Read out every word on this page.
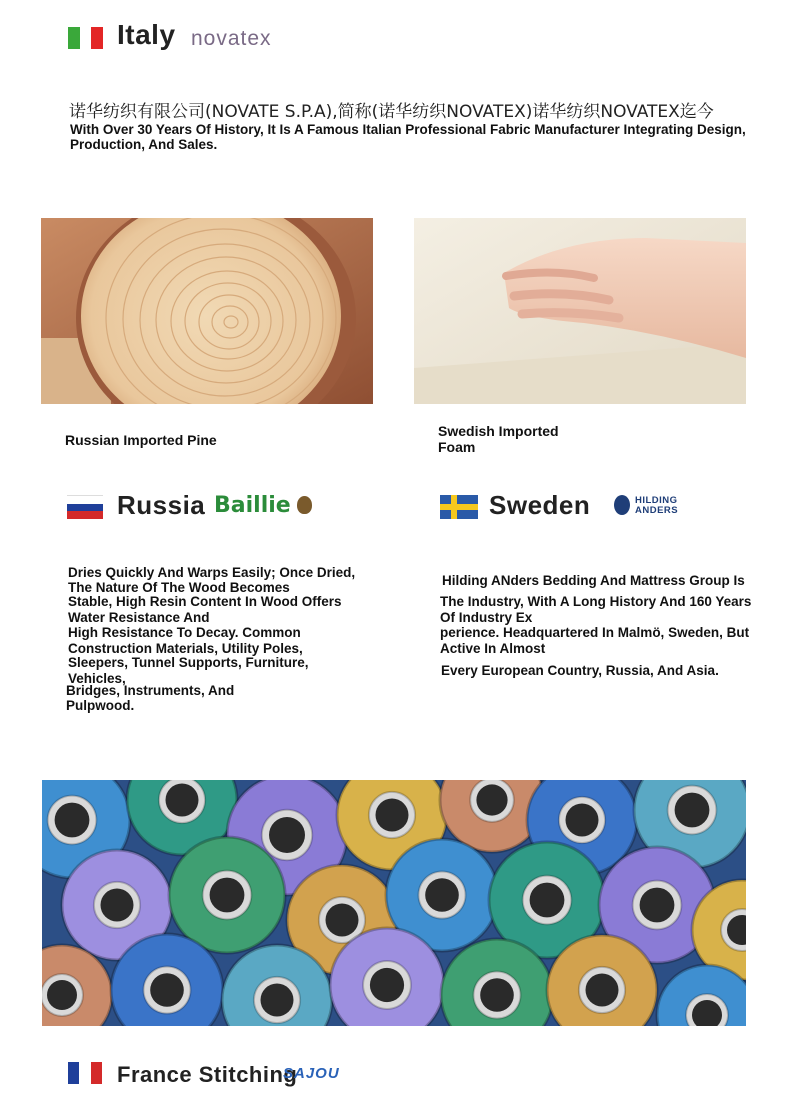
Italy novatex
诺华纺织有限公司(NOVATE S.P.A),简称(诺华纺织NOVATEX)诺华纺织NOVATEX迄今
With Over 30 Years Of History, It Is A Famous Italian Professional Fabric Manufacturer Integrating Design, Production, And Sales.
Russian Imported Pine
Swedish Imported
Foam
Russia Baillie	Sweden	HILDING
ANDERS
Dries Quickly And Warps Easily; Once Dried,
The Nature Of The Wood Becomes
Stable, High Resin Content In Wood Offers
Water Resistance And
High Resistance To Decay. Common
Construction Materials, Utility Poles,
Sleepers, Tunnel Supports, Furniture,
Vehicles,
Bridges, Instruments, And
Pulpwood.
Hilding ANders Bedding And Mattress Group Is
The Industry, With A Long History And 160 Years
Of Industry Ex
perience. Headquartered In Malmö, Sweden, But
Active In Almost
Every European Country, Russia, And Asia.
France Stitching
SAJOU
